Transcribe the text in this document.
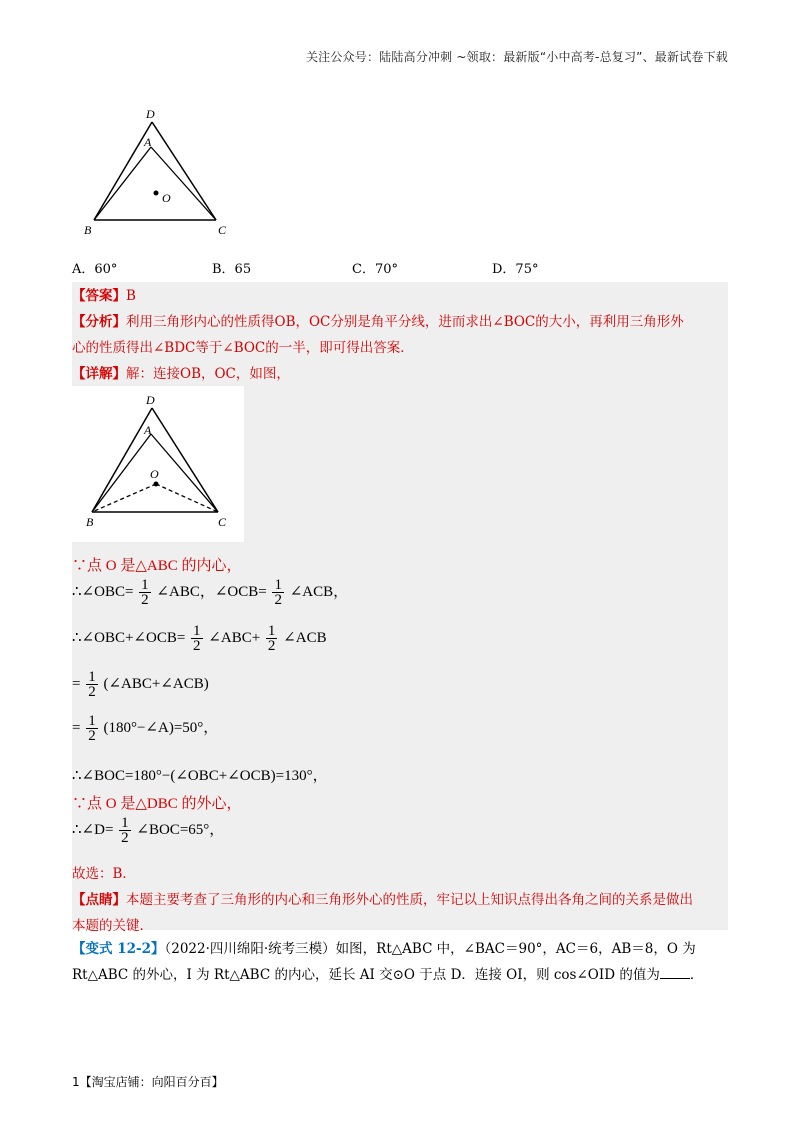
关注公众号：陆陆高分冲刺 ~领取：最新版“小中高考-总复习”、最新试卷下载
D
A
O
B	C
A．60°	B．65	C．70°	D．75°
【答案】B
【分析】利用三角形内心的性质得OB，OC分别是角平分线，进而求出∠BOC的大小，再利用三角形外
心的性质得出∠BDC等于∠BOC的一半，即可得出答案．
【详解】解：连接OB，OC，如图，
D
A
O
B	C
∵点 O 是△ABC 的内心，
∴∠OBC= $\frac{1}{2}$ ∠ABC，∠OCB= $\frac{1}{2}$ ∠ACB，
∴∠OBC+∠OCB= $\frac{1}{2}$ ∠ABC+ $\frac{1}{2}$ ∠ACB
= $\frac{1}{2}$ (∠ABC+∠ACB)
= $\frac{1}{2}$ (180°−∠A)=50°，
∴∠BOC=180°−(∠OBC+∠OCB)=130°，
∵点 O 是△DBC 的外心，
∴∠D= $\frac{1}{2}$ ∠BOC=65°，
故选：B．
【点睛】本题主要考查了三角形的内心和三角形外心的性质，牢记以上知识点得出各角之间的关系是做出
本题的关键．
【变式 12-2】（2022·四川绵阳·统考三模）如图，Rt△ABC 中，∠BAC＝90°，AC＝6，AB＝8，O 为
Rt△ABC 的外心，I 为 Rt△ABC 的内心，延长 AI 交⊙O 于点 D．连接 OI，则 cos∠OID 的值为 ．
1【淘宝店铺：向阳百分百】
